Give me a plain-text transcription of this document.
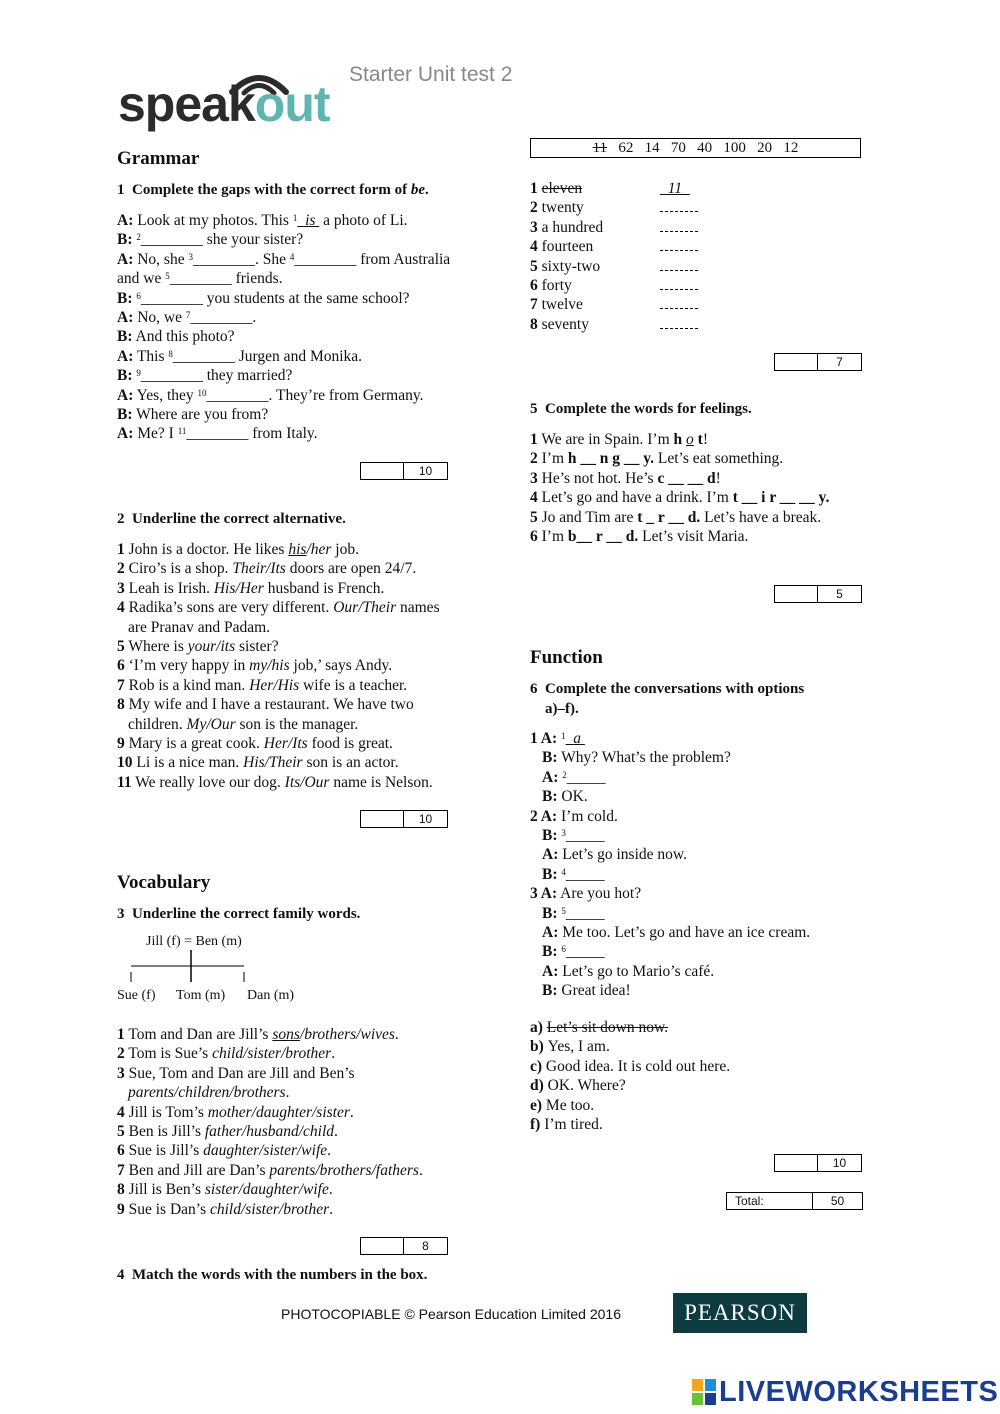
speakout
Starter Unit test 2
Grammar
1 Complete the gaps with the correct form of be.
A: Look at my photos. This $^1$ is  a photo of Li.
B: $^2$________ she your sister?
A: No, she $^3$________. She $^4$________ from Australia
and we $^5$________ friends.
B: $^6$________ you students at the same school?
A: No, we $^7$________.
B: And this photo?
A: This $^8$________ Jurgen and Monika.
B: $^9$________ they married?
A: Yes, they $^{10}$________. They’re from Germany.
B: Where are you from?
A: Me? I $^{11}$________ from Italy.
10
2 Underline the correct alternative.
1 John is a doctor. He likes his/her job.
2 Ciro’s is a shop. Their/Its doors are open 24/7.
3 Leah is Irish. His/Her husband is French.
4 Radika’s sons are very different. Our/Their names
are Pranav and Padam.
5 Where is your/its sister?
6 ‘I’m very happy in my/his job,’ says Andy.
7 Rob is a kind man. Her/His wife is a teacher.
8 My wife and I have a restaurant. We have two
children. My/Our son is the manager.
9 Mary is a great cook. Her/Its food is great.
10 Li is a nice man. His/Their son is an actor.
11 We really love our dog. Its/Our name is Nelson.
10
Vocabulary
3 Underline the correct family words.
Jill (f) = Ben (m)
Sue (f) Tom (m) Dan (m)
1 Tom and Dan are Jill’s sons/brothers/wives.
2 Tom is Sue’s child/sister/brother.
3 Sue, Tom and Dan are Jill and Ben’s
parents/children/brothers.
4 Jill is Tom’s mother/daughter/sister.
5 Ben is Jill’s father/husband/child.
6 Sue is Jill’s daughter/sister/wife.
7 Ben and Jill are Dan’s parents/brothers/fathers.
8 Jill is Ben’s sister/daughter/wife.
9 Sue is Dan’s child/sister/brother.
8
4 Match the words with the numbers in the box.
11 62   14   70   40   100   20   12
1 eleven	11
2 twenty
3 a hundred
4 fourteen
5 sixty-two
6 forty
7 twelve
8 seventy
7
5 Complete the words for feelings.
1 We are in Spain. I’m h o t!
2 I’m h __ n g __ y. Let’s eat something.
3 He’s not hot. He’s c __ __ d!
4 Let’s go and have a drink. I’m t __ i r __ __ y.
5 Jo and Tim are t _ r __ d. Let’s have a break.
6 I’m b__ r __ d. Let’s visit Maria.
5
Function
6 Complete the conversations with options
a)–f).
1 A: $^1$  a
B: Why? What’s the problem?
A: $^2$_____
B: OK.
2 A: I’m cold.
B: $^3$_____
A: Let’s go inside now.
B: $^4$_____
3 A: Are you hot?
B: $^5$_____
A: Me too. Let’s go and have an ice cream.
B: $^6$_____
A: Let’s go to Mario’s café.
B: Great idea!
a) Let’s sit down now.
b) Yes, I am.
c) Good idea. It is cold out here.
d) OK. Where?
e) Me too.
f) I’m tired.
10
Total:	50
PHOTOCOPIABLE © Pearson Education Limited 2016	PEARSON
LIVEWORKSHEETS
